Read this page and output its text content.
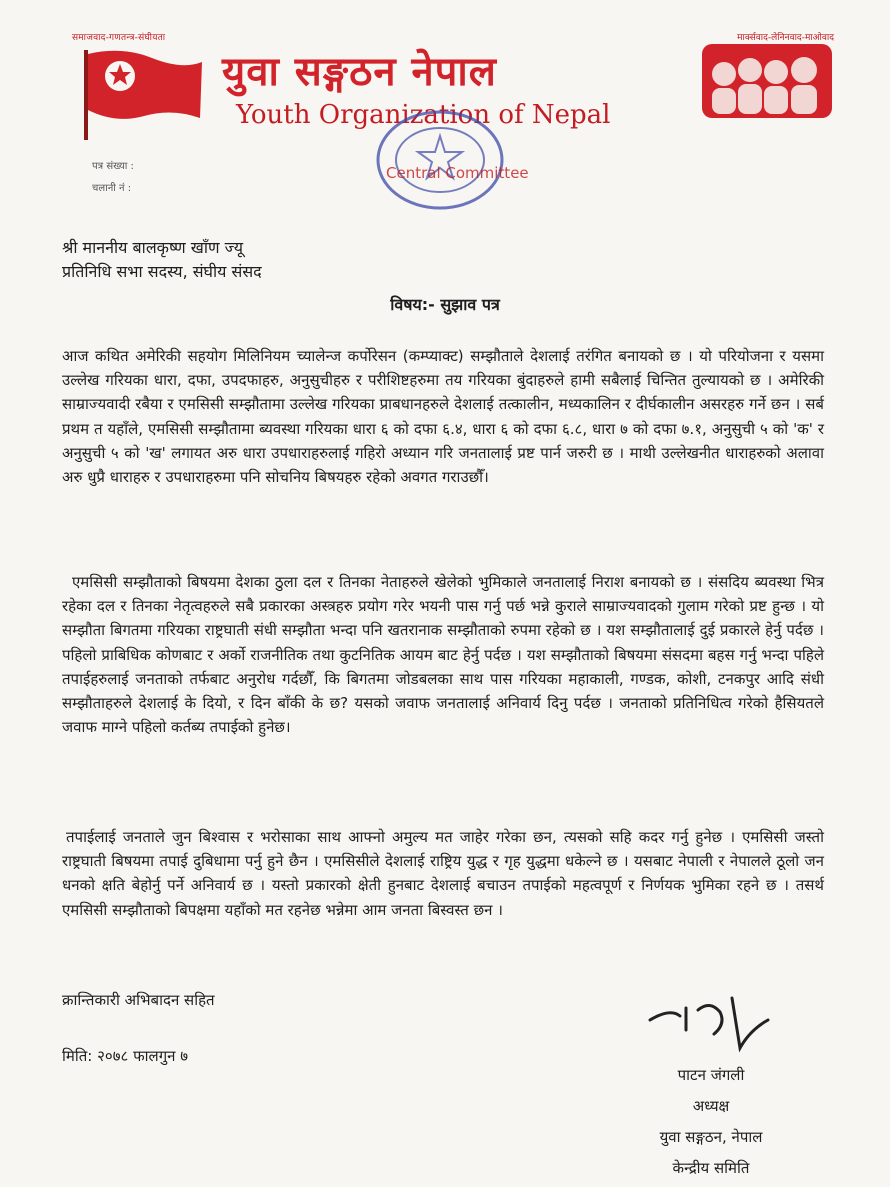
समाजवाद-गणतन्त्र-संघीयता	मार्क्सवाद-लेनिनवाद-माओवाद
युवा सङ्गठन नेपाल
Youth Organization of Nepal
Central Committee
पत्र संख्या :
चलानी नं :
श्री माननीय बालकृष्ण खाँण ज्यू
प्रतिनिधि सभा सदस्य, संघीय संसद
विषय:- सुझाव पत्र
आज कथित अमेरिकी सहयोग मिलिनियम च्यालेन्ज कर्पोरेसन (कम्प्याक्ट) सम्झौताले देशलाई तरंगित बनायको छ । यो परियोजना र यसमा उल्लेख गरियका धारा, दफा, उपदफाहरु, अनुसुचीहरु र परीशिष्टहरुमा तय गरियका बुंदाहरुले हामी सबैलाई चिन्तित तुल्यायको छ । अमेरिकी साम्राज्यवादी रबैया र एमसिसी सम्झौतामा उल्लेख गरियका प्राबधानहरुले देशलाई तत्कालीन, मध्यकालिन र दीर्घकालीन असरहरु गर्ने छन । सर्ब प्रथम त यहाँले, एमसिसी सम्झौतामा ब्यवस्था गरियका धारा ६ को दफा ६.४, धारा ६ को दफा ६.८, धारा ७ को दफा ७.१, अनुसुची ५ को 'क' र अनुसुची ५ को 'ख' लगायत अरु धारा उपधाराहरुलाई गहिरो अध्यान गरि जनतालाई प्रष्ट पार्न जरुरी छ । माथी उल्लेखनीत धाराहरुको अलावा अरु धुप्रै धाराहरु र उपधाराहरुमा पनि सोचनिय बिषयहरु रहेको अवगत गराउछौँ।
एमसिसी सम्झौताको बिषयमा देशका ठुला दल र तिनका नेताहरुले खेलेको भुमिकाले जनतालाई निराश बनायको छ । संसदिय ब्यवस्था भित्र रहेका दल र तिनका नेतृत्वहरुले सबै प्रकारका अस्त्रहरु प्रयोग गरेर भयनी पास गर्नु पर्छ भन्ने कुराले साम्राज्यवादको गुलाम गरेको प्रष्ट हुन्छ । यो सम्झौता बिगतमा गरियका राष्ट्रघाती संधी सम्झौता भन्दा पनि खतरानाक सम्झौताको रुपमा रहेको छ । यश सम्झौतालाई दुई प्रकारले हेर्नु पर्दछ । पहिलो प्राबिधिक कोणबाट र अर्को राजनीतिक तथा कुटनितिक आयम बाट हेर्नु पर्दछ । यश सम्झौताको बिषयमा संसदमा बहस गर्नु भन्दा पहिले तपाईहरुलाई जनताको तर्फबाट अनुरोध गर्दछौँ, कि बिगतमा जोडबलका साथ पास गरियका महाकाली, गण्डक, कोशी, टनकपुर आदि संधी सम्झौताहरुले देशलाई के दियो, र दिन बाँकी के छ? यसको जवाफ जनतालाई अनिवार्य दिनु पर्दछ । जनताको प्रतिनिधित्व गरेको हैसियतले जवाफ माग्ने पहिलो कर्तब्य तपाईको हुनेछ।
तपाईलाई जनताले जुन बिश्वास र भरोसाका साथ आफ्नो अमुल्य मत जाहेर गरेका छन, त्यसको सहि कदर गर्नु हुनेछ । एमसिसी जस्तो राष्ट्रघाती बिषयमा तपाई दुबिधामा पर्नु हुने छैन । एमसिसीले देशलाई राष्ट्रिय युद्ध र गृह युद्धमा धकेल्ने छ । यसबाट नेपाली र नेपालले ठूलो जन धनको क्षति बेहोर्नु पर्ने अनिवार्य छ । यस्तो प्रकारको क्षेती हुनबाट देशलाई बचाउन तपाईको महत्वपूर्ण र निर्णयक भुमिका रहने छ । तसर्थ एमसिसी सम्झौताको बिपक्षमा यहाँको मत रहनेछ भन्नेमा आम जनता बिस्वस्त छन ।
क्रान्तिकारी अभिबादन सहित
मिति: २०७८ फालगुन ७
पाटन जंगली
अध्यक्ष
युवा सङ्गठन, नेपाल
केन्द्रीय समिति
